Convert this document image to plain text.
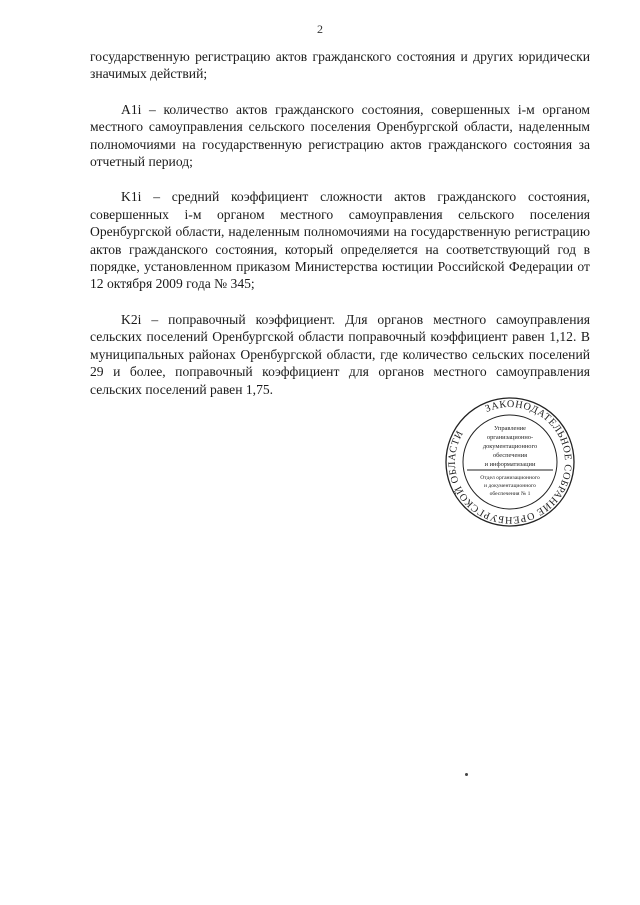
2

государственную регистрацию актов гражданского состояния и других юридически значимых действий;

A1i – количество актов гражданского состояния, совершенных i-м органом местного самоуправления сельского поселения Оренбургской области, наделенным полномочиями на государственную регистрацию актов гражданского состояния за отчетный период;

K1i – средний коэффициент сложности актов гражданского состояния, совершенных i-м органом местного самоуправления сельского поселения Оренбургской области, наделенным полномочиями на государственную регистрацию актов гражданского состояния, который определяется на соответствующий год в порядке, установленном приказом Министерства юстиции Российской Федерации от 12 октября 2009 года № 345;

K2i – поправочный коэффициент. Для органов местного самоуправления сельских поселений Оренбургской области поправочный коэффициент равен 1,12. В муниципальных районах Оренбургской области, где количество сельских поселений 29 и более, поправочный коэффициент для органов местного самоуправления сельских поселений равен 1,75.

ЗАКОНОДАТЕЛЬНОЕ СОБРАНИЕ ОРЕНБУРГСКОЙ ОБЛАСТИ
Управление
организационно-
документационного
обеспечения
и информатизации
Отдел организационного
и документационного
обеспечения № 1
